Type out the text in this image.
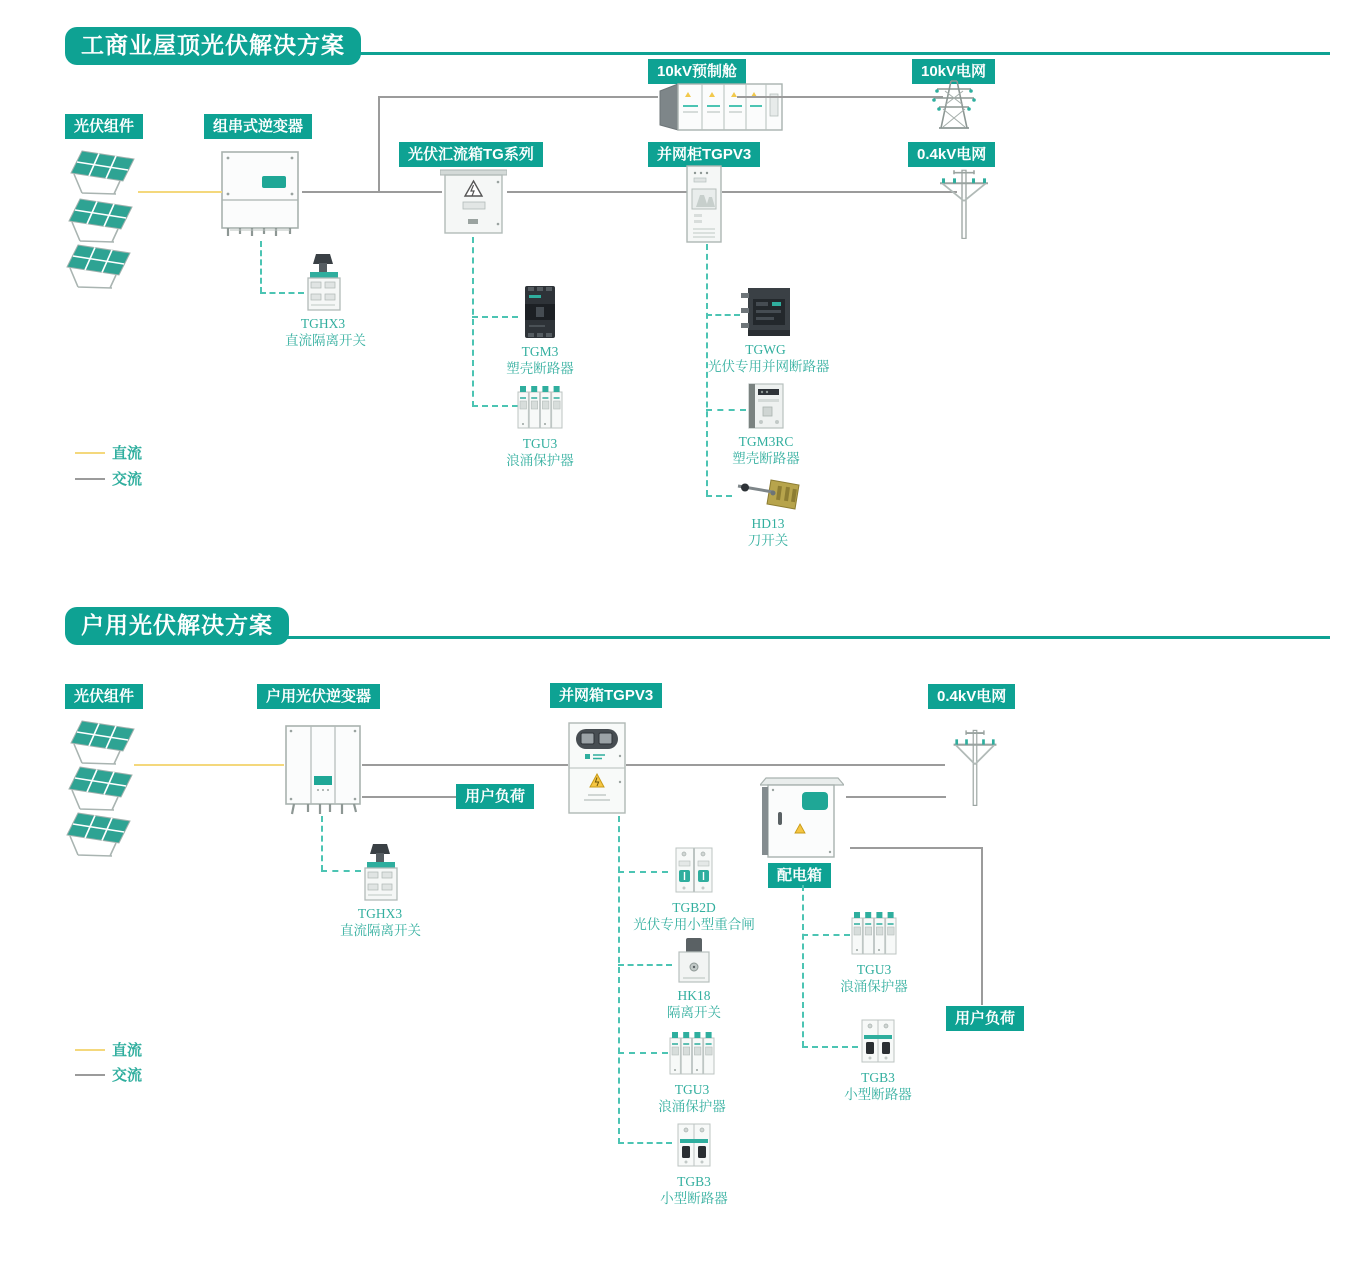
工商业屋顶光伏解决方案
光伏组件	组串式逆变器
10kV预制舱	10kV电网
光伏汇流箱TG系列	并网柜TGPV3	0.4kV电网
TGHX3
直流隔离开关
TGM3
塑壳断路器
TGU3
浪涌保护器
TGWG
光伏专用并网断路器
TGM3RC
塑壳断路器
HD13
刀开关
直流
交流
户用光伏解决方案
光伏组件	户用光伏逆变器
用户负荷
并网箱TGPV3	0.4kV电网
配电箱
用户负荷
TGHX3
直流隔离开关
TGB2D
光伏专用小型重合闸
HK18
隔离开关
TGU3
浪涌保护器
TGB3
小型断路器
TGU3
浪涌保护器
TGB3
小型断路器
直流
交流
